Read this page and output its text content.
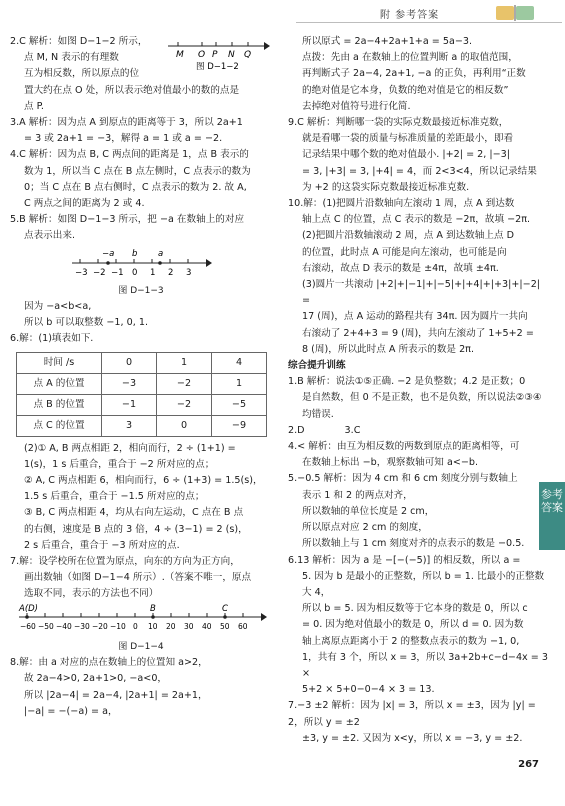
附 参考答案

2.C 解析：如图 D−1−2 所示，

点 M, N 表示的有理数

互为相反数，所以原点的位

置大约在点 O 处，所以表示绝对值最小的数的点是

点 P.

M O P N Q
图 D−1−2

3.A 解析：因为点 A 到原点的距离等于 3，所以 2a+1

= 3 或 2a+1 = −3，解得 a = 1 或 a = −2.

4.C 解析：因为点 B, C 两点间的距离是 1，点 B 表示的

数为 1，所以当 C 点在 B 点左侧时，C 点表示的数为

0；当 C 点在 B 点右侧时，C 点表示的数为 2. 故 A,

C 两点之间的距离为 2 或 4.

5.B 解析：如图 D−1−3 所示，把 −a 在数轴上的对应

点表示出来.

−a b a
−3 −2 −1 0 1 2 3
图 D−1−3

因为 −a<b<a,

所以 b 可以取整数 −1, 0, 1.

6.解：(1)填表如下.

时间 /s	0	1	4
点 A 的位置	−3	−2	1
点 B 的位置	−1	−2	−5
点 C 的位置	3	0	−9

(2)① A, B 两点相距 2，相向而行，2 ÷ (1+1) =

1(s)，1 s 后重合，重合于 −2 所对应的点；

② A, C 两点相距 6，相向而行，6 ÷ (1+3) = 1.5(s)，

1.5 s 后重合，重合于 −1.5 所对应的点；

③ B, C 两点相距 4，均从右向左运动，C 点在 B 点

的右侧，速度是 B 点的 3 倍，4 ÷ (3−1) = 2 (s)，

2 s 后重合，重合于 −3 所对应的点.

7.解：设学校所在位置为原点，向东的方向为正方向，

画出数轴（如图 D−1−4 所示）.（答案不唯一，原点

选取不同，表示的方法也不同）

A(D)	B	C
−60 −50 −40 −30 −20 −10 0 10 20 30 40 50 60
图 D−1−4

8.解：由 a 对应的点在数轴上的位置知 a>2，

故 2a−4>0, 2a+1>0, −a<0，

所以 |2a−4| = 2a−4, |2a+1| = 2a+1，

|−a| = −(−a) = a，

所以原式 = 2a−4+2a+1+a = 5a−3.

点拨：先由 a 在数轴上的位置判断 a 的取值范围，

再判断式子 2a−4, 2a+1, −a 的正负，再利用“正数

的绝对值是它本身，负数的绝对值是它的相反数”

去掉绝对值符号进行化简.

9.C 解析：判断哪一袋的实际克数最接近标准克数，

就是看哪一袋的质量与标准质量的差距最小，即看

记录结果中哪个数的绝对值最小. |+2| = 2, |−3|

= 3, |+3| = 3, |+4| = 4，而 2<3<4，所以记录结果

为 +2 的这袋实际克数最接近标准克数.

10.解：(1)把圆片沿数轴向左滚动 1 周，点 A 到达数

轴上点 C 的位置，点 C 表示的数是 −2π，故填 −2π.

(2)把圆片沿数轴滚动 2 周，点 A 到达数轴上点 D

的位置，此时点 A 可能是向左滚动，也可能是向

右滚动，故点 D 表示的数是 ±4π，故填 ±4π.

(3)圆片一共滚动 |+2|+|−1|+|−5|+|+4|+|+3|+|−2| =

17 (周)，点 A 运动的路程共有 34π. 因为圆片一共向

右滚动了 2+4+3 = 9 (周)，共向左滚动了 1+5+2 =

8 (周)，所以此时点 A 所表示的数是 2π.

综合提升训练

1.B 解析：说法①⑤正确. −2 是负整数；4.2 是正数；0

是自然数，但 0 不是正数，也不是负数，所以说法②③④均错误.

2.D	3.C

4.< 解析：由互为相反数的两数到原点的距离相等，可

在数轴上标出 −b，观察数轴可知 a<−b.

5.−0.5 解析：因为 4 cm 和 6 cm 刻度分别与数轴上

表示 1 和 2 的两点对齐，

所以数轴的单位长度是 2 cm，

所以原点对应 2 cm 的刻度，

所以数轴上与 1 cm 刻度对齐的点表示的数是 −0.5.

6.13 解析：因为 a 是 −[−(−5)] 的相反数，所以 a =

5. 因为 b 是最小的正整数，所以 b = 1. 比最小的正整数大 4，

所以 b = 5. 因为相反数等于它本身的数是 0，所以 c

= 0. 因为绝对值最小的数是 0，所以 d = 0. 因为数

轴上离原点距离小于 2 的整数点表示的数为 −1, 0,

1，共有 3 个，所以 x = 3，所以 3a+2b+c−d−4x = 3 ×

5+2 × 5+0−0−4 × 3 = 13.

7.−3 ±2 解析：因为 |x| = 3，所以 x = ±3，因为 |y| = 2，所以 y = ±2

±3, y = ±2. 又因为 x<y，所以 x = −3, y = ±2.

参考答案
267
